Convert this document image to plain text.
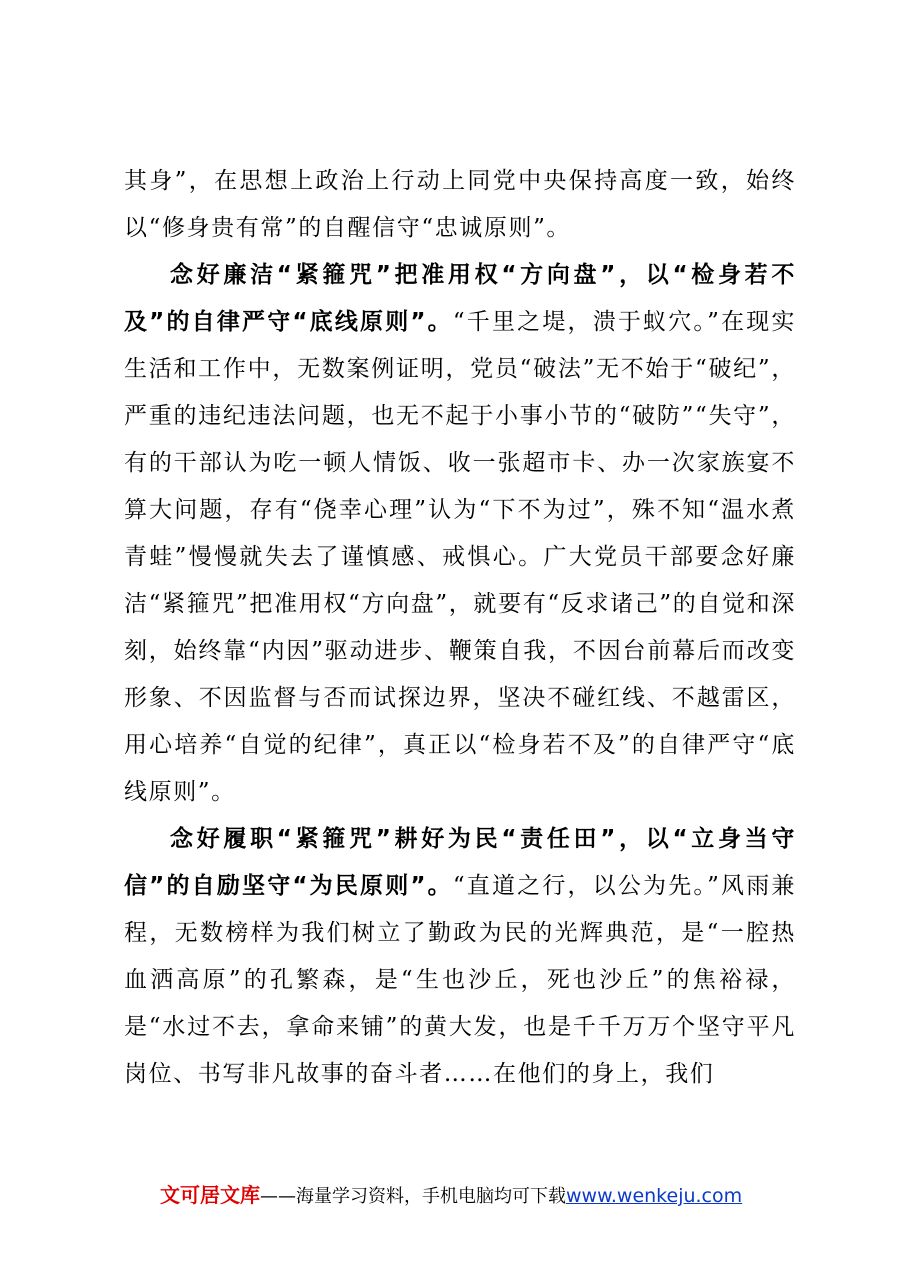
其身”，在思想上政治上行动上同党中央保持高度一致，始终以“修身贵有常”的自醒信守“忠诚原则”。

念好廉洁“紧箍咒”把准用权“方向盘”，以“检身若不及”的自律严守“底线原则”。“千里之堤，溃于蚁穴。”在现实生活和工作中，无数案例证明，党员“破法”无不始于“破纪”，严重的违纪违法问题，也无不起于小事小节的“破防”“失守”，有的干部认为吃一顿人情饭、收一张超市卡、办一次家族宴不算大问题，存有“侥幸心理”认为“下不为过”，殊不知“温水煮青蛙”慢慢就失去了谨慎感、戒惧心。广大党员干部要念好廉洁“紧箍咒”把准用权“方向盘”，就要有“反求诸己”的自觉和深刻，始终靠“内因”驱动进步、鞭策自我，不因台前幕后而改变形象、不因监督与否而试探边界，坚决不碰红线、不越雷区，用心培养“自觉的纪律”，真正以“检身若不及”的自律严守“底线原则”。

念好履职“紧箍咒”耕好为民“责任田”，以“立身当守信”的自励坚守“为民原则”。“直道之行，以公为先。”风雨兼程，无数榜样为我们树立了勤政为民的光辉典范，是“一腔热血洒高原”的孔繁森，是“生也沙丘，死也沙丘”的焦裕禄，是“水过不去，拿命来铺”的黄大发，也是千千万万个坚守平凡岗位、书写非凡故事的奋斗者……在他们的身上，我们

文可居文库——海量学习资料，手机电脑均可下载www.wenkeju.com
